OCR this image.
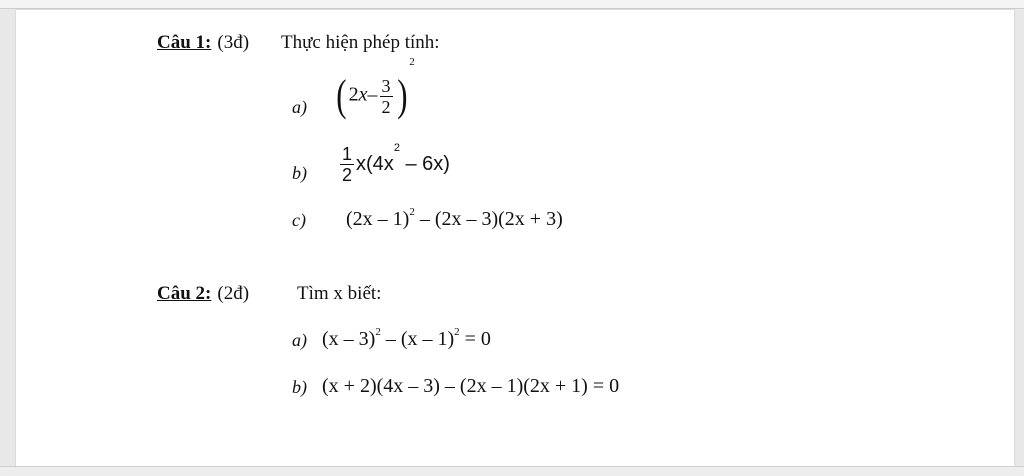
Câu 1: (3đ) Thực hiện phép tính:
a) ( $2x- \frac{3}{2} )^2$
$b) \frac{1}{2} x(4x^2 - 6x)$
c) (2x – 1)$^2$ – (2x – 3)(2x + 3)
Câu 2: (2đ)	Tìm x biết:
a) (x – 3)$^2$ – (x – 1)$^2$ = 0
b) (x + 2)(4x – 3) – (2x – 1)(2x + 1) = 0
